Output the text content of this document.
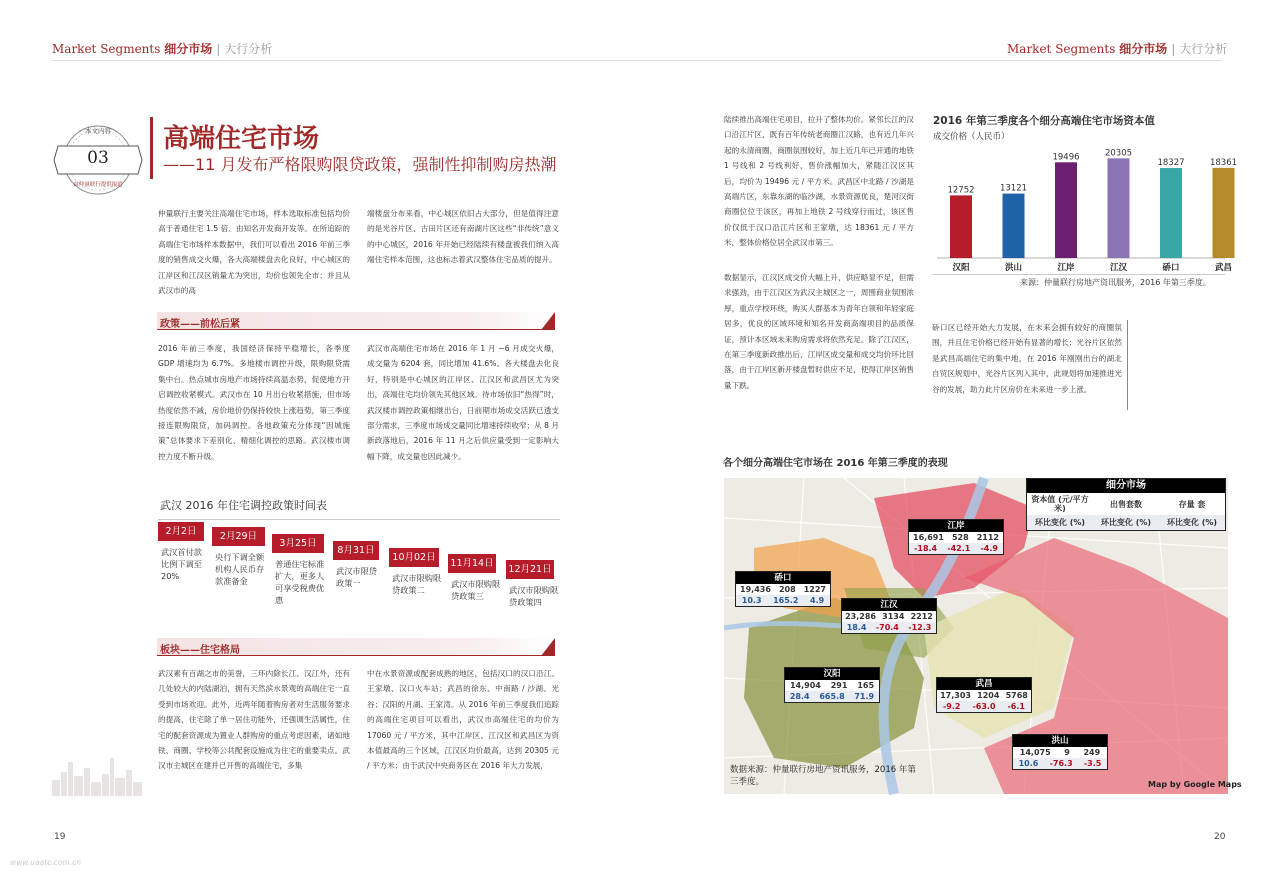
Market Segments 细分市场 | 大行分析	Market Segments 细分市场 | 大行分析
本文内容
03
由仲量联行提供报道
高端住宅市场
——11 月发布严格限购限贷政策，强制性抑制购房热潮
仲量联行主要关注高端住宅市场，样本选取标准包括均价高于普通住宅 1.5 倍、由知名开发商开发等。在所追踪的高端住宅市场样本数据中，我们可以看出 2016 年前三季度的销售成交火爆，各大高端楼盘去化良好，中心城区的江岸区和江汉区销量尤为突出，均价也领先全市；并且从武汉市的高
端楼盘分布来看，中心城区依旧占大部分，但是值得注意的是光谷片区、古田片区还有南湖片区这些“非传统”意义的中心城区，2016 年开始已经陆续有楼盘被我们纳入高端住宅样本范围，这也标志着武汉整体住宅品质的提升。
政策——前松后紧
2016 年前三季度，我国经济保持平稳增长，各季度 GDP 增速均为 6.7%。多地楼市调控升级，限购限贷需集中台。热点城市房地产市场持续高温态势，促使地方开启调控收紧模式。武汉市在 10 月出台收紧措施，但市场热度依然不减，房价地价仍保持较快上涨趋势，第三季度接连限购限贷，加码调控。各地政策充分体现“因城施策”总体要求下差别化、精细化调控的思路。武汉楼市调控力度不断升级。
武汉市高端住宅市场在 2016 年 1 月 ~6 月成交火爆，成交量为 6204 套，同比增加 41.6%。各大楼盘去化良好，特别是中心城区的江岸区、江汉区和武昌区尤为突出，高端住宅均价领先其他区域。待市场依旧“热得”时，武汉楼市调控政策相继出台，日前期市场成交活跃已透支部分需求，三季度市场成交量同比增速持续收窄；从 8 月新政落地后，2016 年 11 月之后供应量受到一定影响大幅下降，成交量也因此减少。
武汉 2016 年住宅调控政策时间表
2月2日
武汉首付款比例下调至 20%
2月29日
央行下调全额机构人民币存款准备金
3月25日
普通住宅标准扩大，更多人可享受税费优惠
8月31日
武汉市限贷政策一
10月02日
武汉市限购限贷政策二
11月14日
武汉市限购限贷政策三
12月21日
武汉市限购限贷政策四
板块——住宅格局
武汉素有百湖之市的美誉，三环内除长江、汉江外，还有几处较大的内陆湖泊，拥有天然滨水景观的高端住宅一直受到市场欢迎。此外，近两年随着购房者对生活服务要求的提高，住宅除了单一居住功能外，还强调生活属性，住宅的配套资源成为置业人群购房的重点考虑因素，诸如地铁、商圈、学校等公共配套设施成为住宅的重要卖点。武汉市主城区在建并已开售的高端住宅，多集
中在水景资源或配套成熟的地区，包括汉口的汉口沿江、王家墩、汉口火车站；武昌的徐东、中南路 / 沙湖、光谷；汉阳的月湖、王家湾。从 2016 年前三季度我们追踪的高端住宅项目可以看出，武汉市高端住宅的均价为 17060 元 / 平方米，其中江岸区、江汉区和武昌区为资本值最高的三个区域，江汉区均价最高，达到 20305 元 / 平方米；由于武汉中央商务区在 2016 年大力发展，
陆续推出高端住宅项目，拉升了整体均价。紧邻长江的汉口沿江片区，既有百年传统老商圈江汉路，也有近几年兴起的永清商圈，商圈氛围较好，加上近几年已开通的地铁 1 号线和 2 号线利好，售价涨幅加大，紧随江汉区其后，均价为 19496 元 / 平方米。武昌区中北路 / 沙湖是高端片区，东靠东湖的临沙湖，水景资源优良，楚河汉街商圈位位于该区，再加上地铁 2 号线穿行而过，该区售价仅低于汉口沿江片区和王家墩，达 18361 元 / 平方米，整体价格位居全武汉市第三。
数据显示，江汉区成交价大幅上升，供应略显不足，但需求强劲，由于江汉区为武汉主城区之一，周围商业氛围浓厚，重点学校环绕，购买人群基本为青年白领和年轻家庭居多，优良的区域环境和知名开发商高端项目的品质保证，预计本区域未来购房需求将依然充足。除了江汉区，在第三季度新政推出后，江岸区成交量和成交均价环比回落，由于江岸区新开楼盘暂时供应不足，使得江岸区销售量下跌。
硚口区已经开始大力发展，在未来会拥有较好的商圈氛围，并且住宅价格已经开始有显著的增长；光谷片区依然是武昌高端住宅的集中地，在 2016 年刚刚出台的湖北自贸区规划中，光谷片区列入其中，此规划将加速推进光谷的发展，助力此片区房价在未来进一步上涨。
2016 年第三季度各个细分高端住宅市场资本值
成交价格（人民币）
12752
汉阳
13121
洪山
19496
江岸
20305
江汉
18327
硚口
18361
武昌
来源：仲量联行房地产资讯服务，2016 年第三季度。
各个细分高端住宅市场在 2016 年第三季度的表现
细分市场
资本值 (元/平方米)	出售套数	存量 套
环比变化 (%)	环比变化 (%)	环比变化 (%)
江岸
16,691 528 2112
-18.4 -42.1 -4.9
硚口
19,436 208 1227
10.3 165.2 4.9	江汉
23,286 3134 2212
18.4 -70.4 -12.3
汉阳
14,904 291 165
28.4 665.8 71.9
武昌
17,303 1204 5768
-9.2 -63.0 -6.1
洪山
14,075 9 249
10.6 -76.3 -3.5
数据来源：仲量联行房地产资讯服务，2016 年第三季度。	Map by Google Maps
19	20
www.uaatc.com.cn
